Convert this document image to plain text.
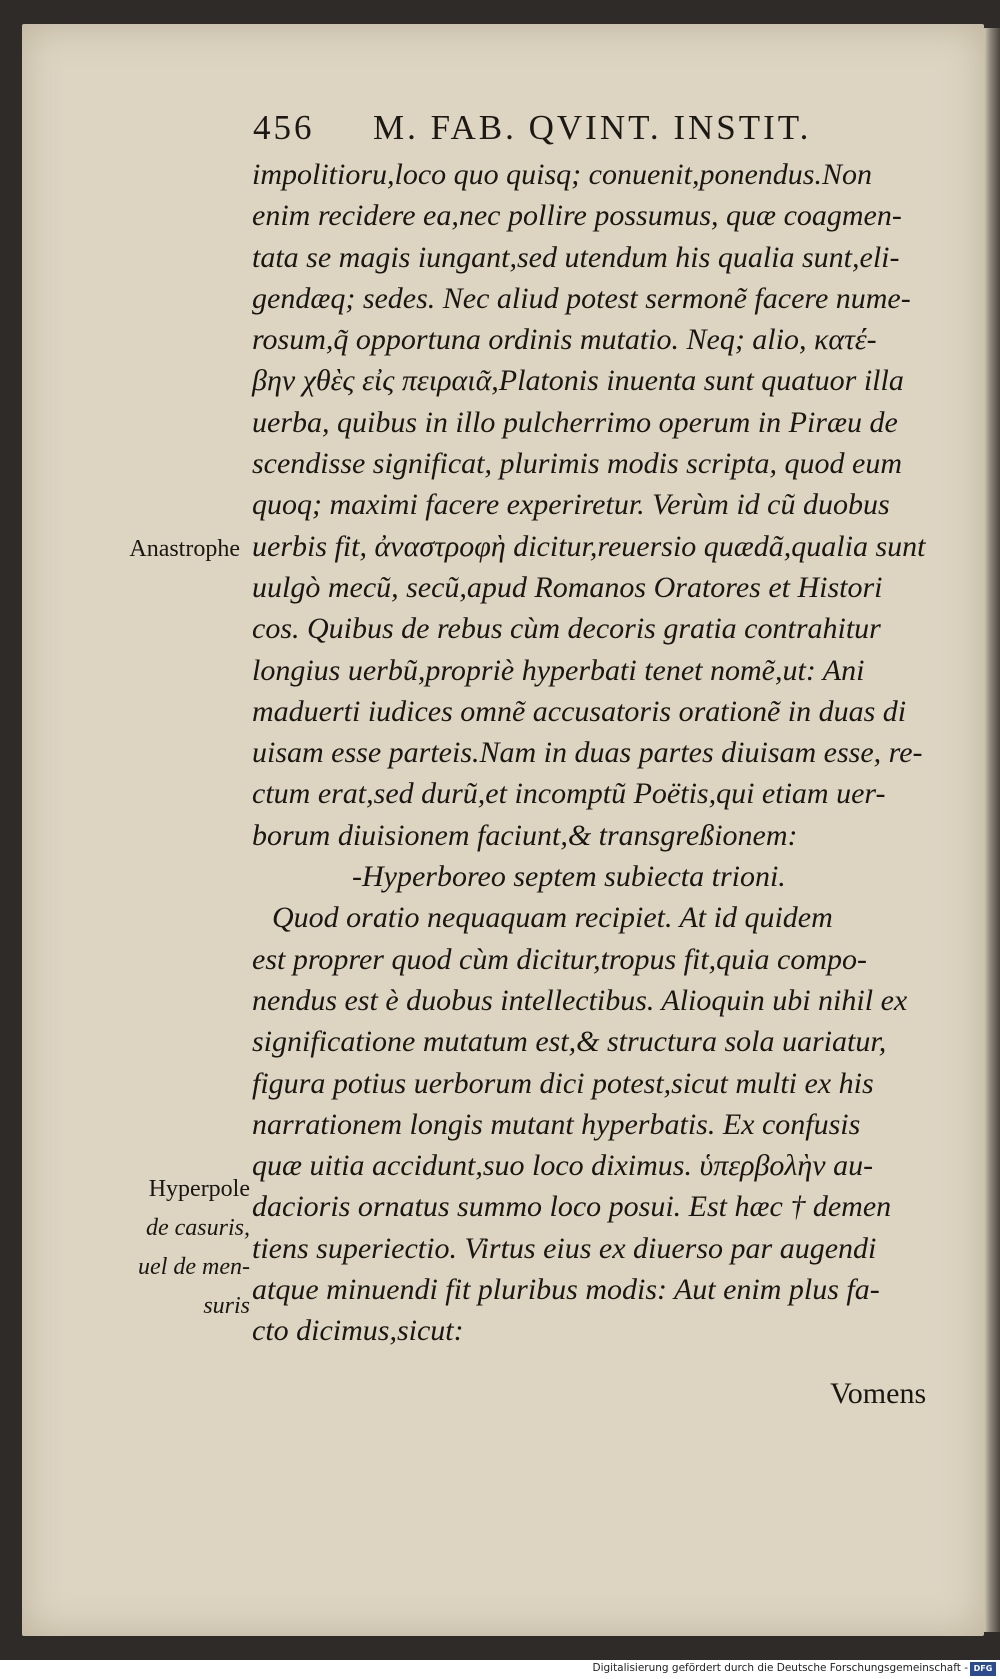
456 M. FAB. QVINT. INSTIT.
impolitioru,loco quo quisq; conuenit,ponendus.Non
enim recidere ea,nec pollire possumus, quæ coagmen-
tata se magis iungant,sed utendum his qualia sunt,eli-
gendæq; sedes. Nec aliud potest sermonẽ facere nume-
rosum,q̃ opportuna ordinis mutatio. Neq; alio, κατέ-
βην χθὲς εἰς πειραιᾶ,Platonis inuenta sunt quatuor illa
uerba, quibus in illo pulcherrimo operum in Piræu de
scendisse significat, plurimis modis scripta, quod eum
quoq; maximi facere experiretur. Verùm id cũ duobus
uerbis fit, ἀναστροφὴ dicitur,reuersio quædã,qualia sunt
uulgò mecũ, secũ,apud Romanos Oratores et Histori
cos. Quibus de rebus cùm decoris gratia contrahitur
longius uerbũ,propriè hyperbati tenet nomẽ,ut: Ani
maduerti iudices omnẽ accusatoris orationẽ in duas di
uisam esse parteis.Nam in duas partes diuisam esse, re-
ctum erat,sed durũ,et incomptũ Poëtis,qui etiam uer-
borum diuisionem faciunt,& transgreßionem:
-Hyperboreo septem subiecta trioni.
Quod oratio nequaquam recipiet. At id quidem
est proprer quod cùm dicitur,tropus fit,quia compo-
nendus est è duobus intellectibus. Alioquin ubi nihil ex
significatione mutatum est,& structura sola uariatur,
figura potius uerborum dici potest,sicut multi ex his
narrationem longis mutant hyperbatis. Ex confusis
quæ uitia accidunt,suo loco diximus. ὑπερβολὴν au-
dacioris ornatus summo loco posui. Est hæc † demen
tiens superiectio. Virtus eius ex diuerso par augendi
atque minuendi fit pluribus modis: Aut enim plus fa-
cto dicimus,sicut:
Anastrophe
Hyperpole
de casuris,
uel de men-
suris
Vomens
Digitalisierung gefördert durch die Deutsche Forschungsgemeinschaft - DFG
